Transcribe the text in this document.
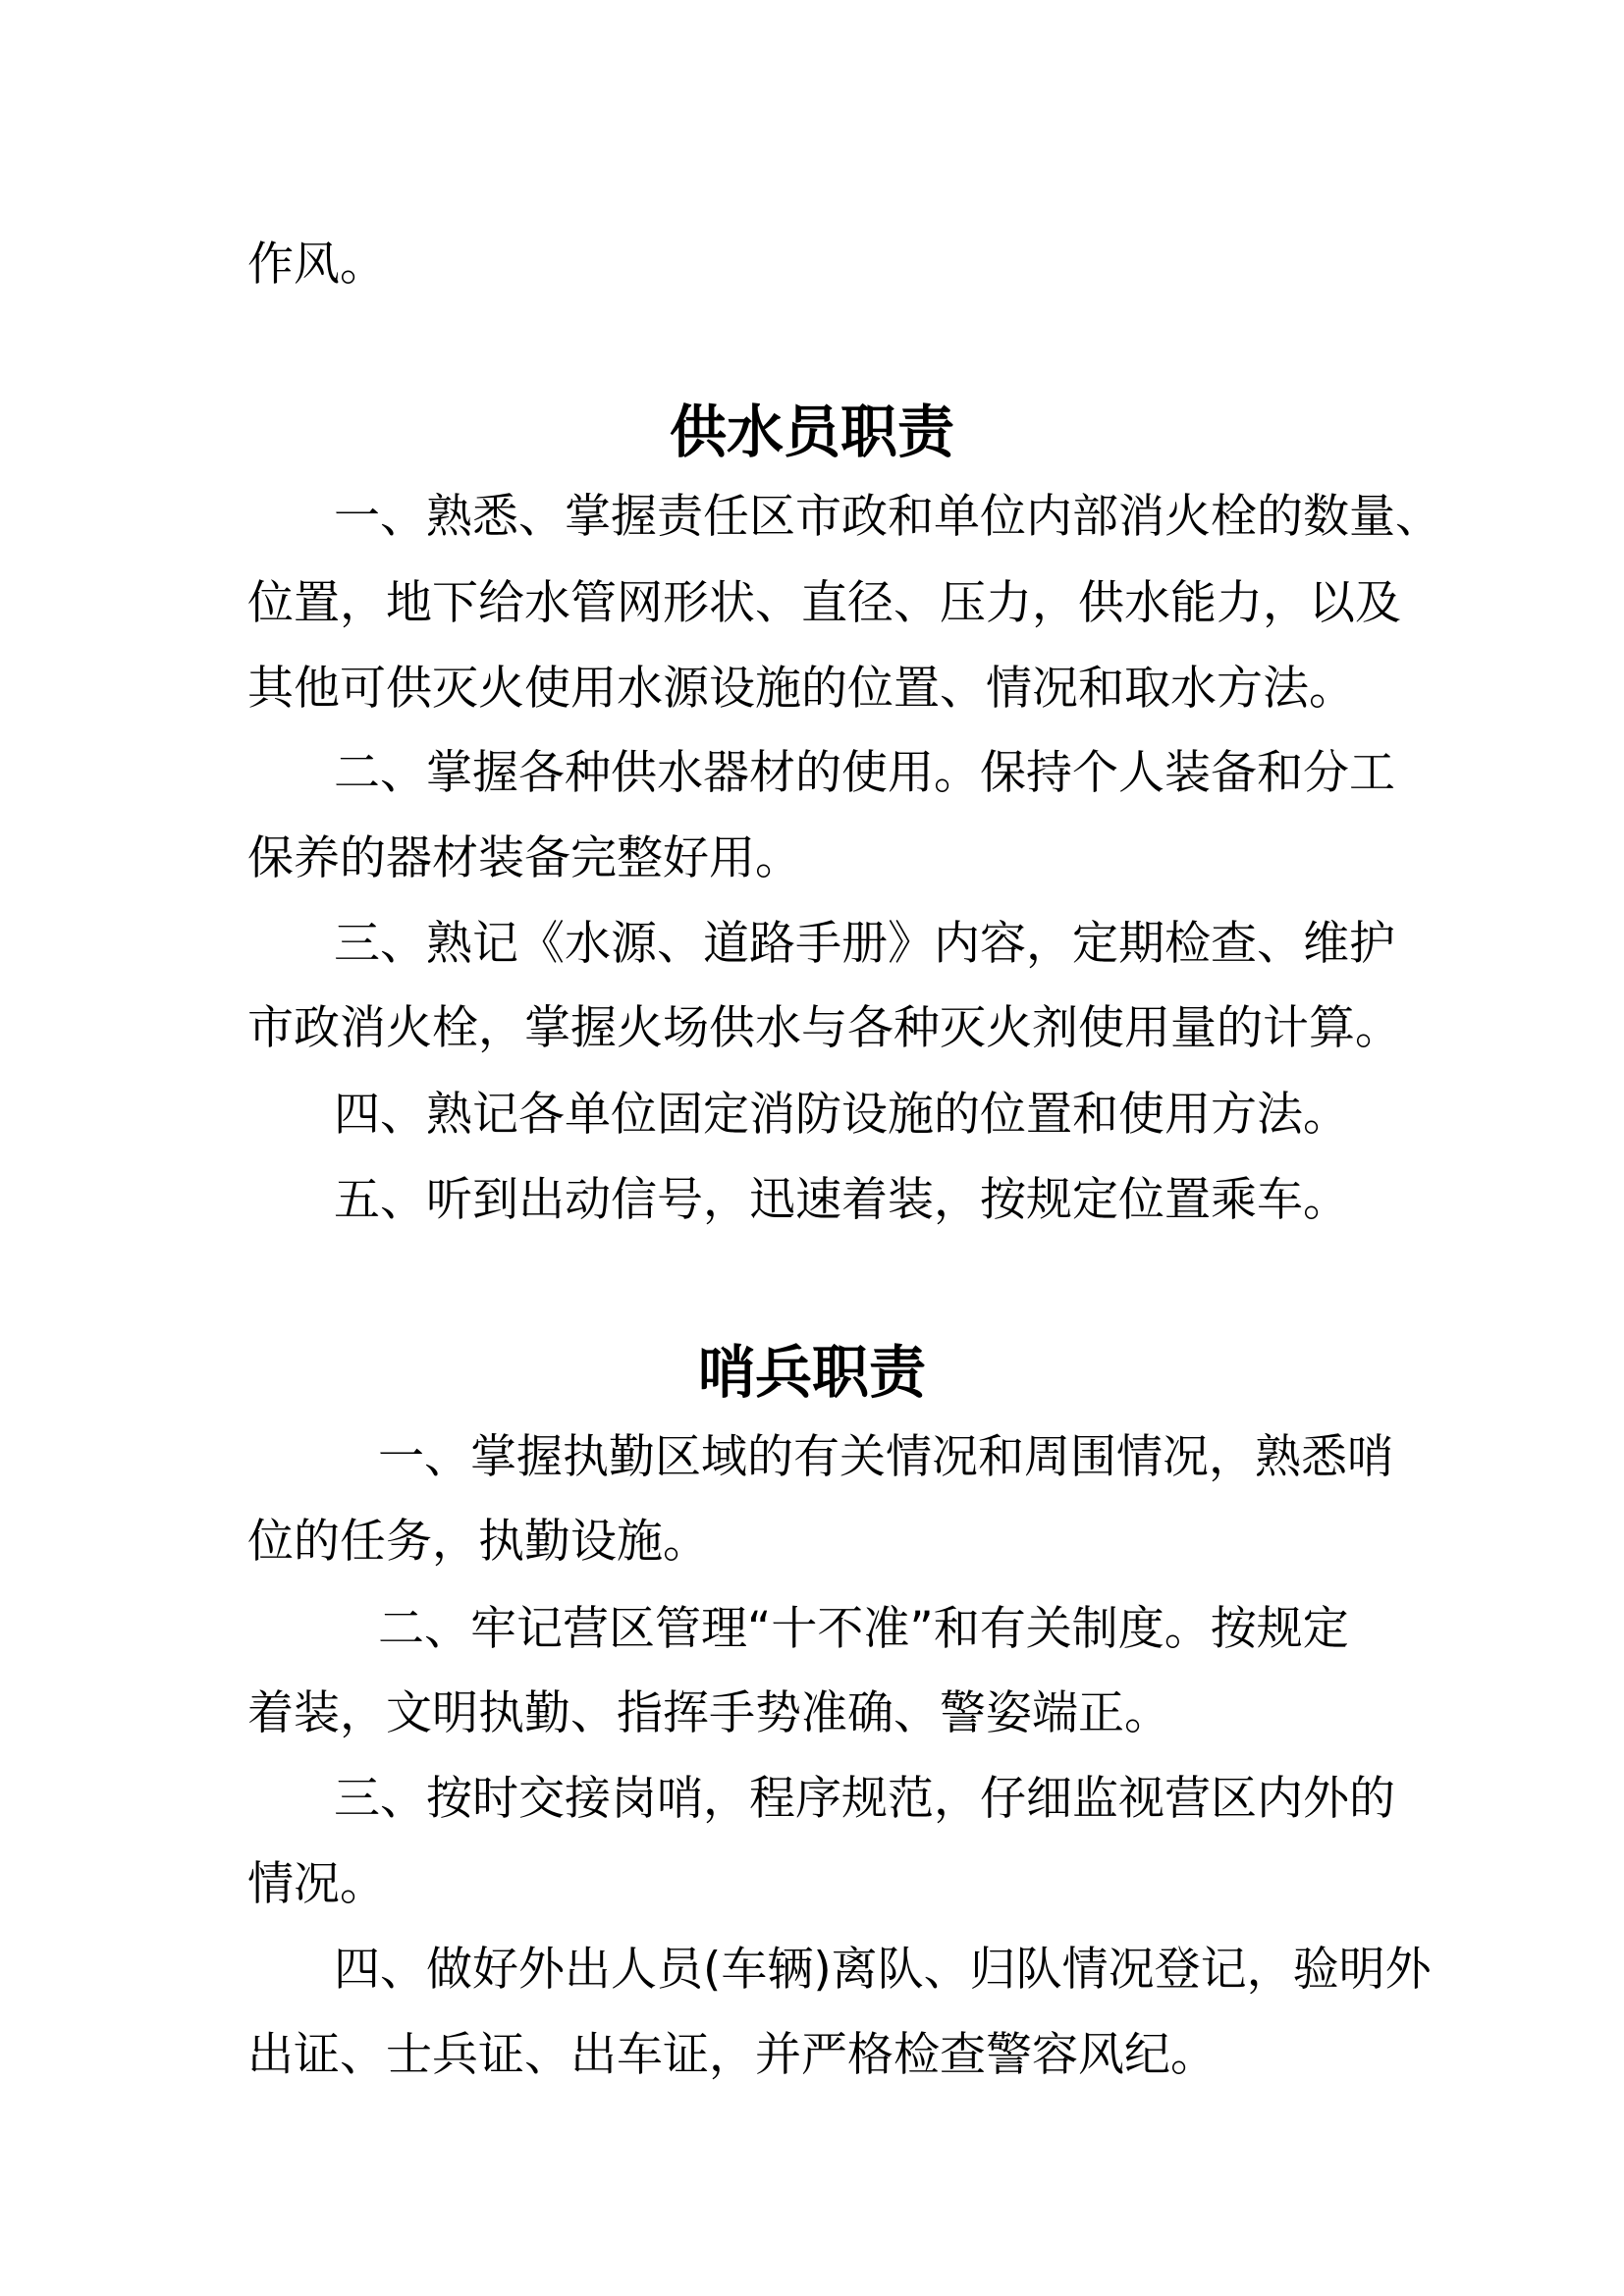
作风。
供水员职责
一、熟悉、掌握责任区市政和单位内部消火栓的数量、
位置，地下给水管网形状、直径、压力，供水能力，以及
其他可供灭火使用水源设施的位置、情况和取水方法。
二、掌握各种供水器材的使用。保持个人装备和分工
保养的器材装备完整好用。
三、熟记《水源、道路手册》内容，定期检查、维护
市政消火栓，掌握火场供水与各种灭火剂使用量的计算。
四、熟记各单位固定消防设施的位置和使用方法。
五、听到出动信号，迅速着装，按规定位置乘车。
哨兵职责
一、掌握执勤区域的有关情况和周围情况，熟悉哨
位的任务，执勤设施。
二、牢记营区管理“十不准”和有关制度。按规定
着装，文明执勤、指挥手势准确、警姿端正。
三、按时交接岗哨，程序规范，仔细监视营区内外的
情况。
四、做好外出人员(车辆)离队、归队情况登记，验明外
出证、士兵证、出车证，并严格检查警容风纪。
